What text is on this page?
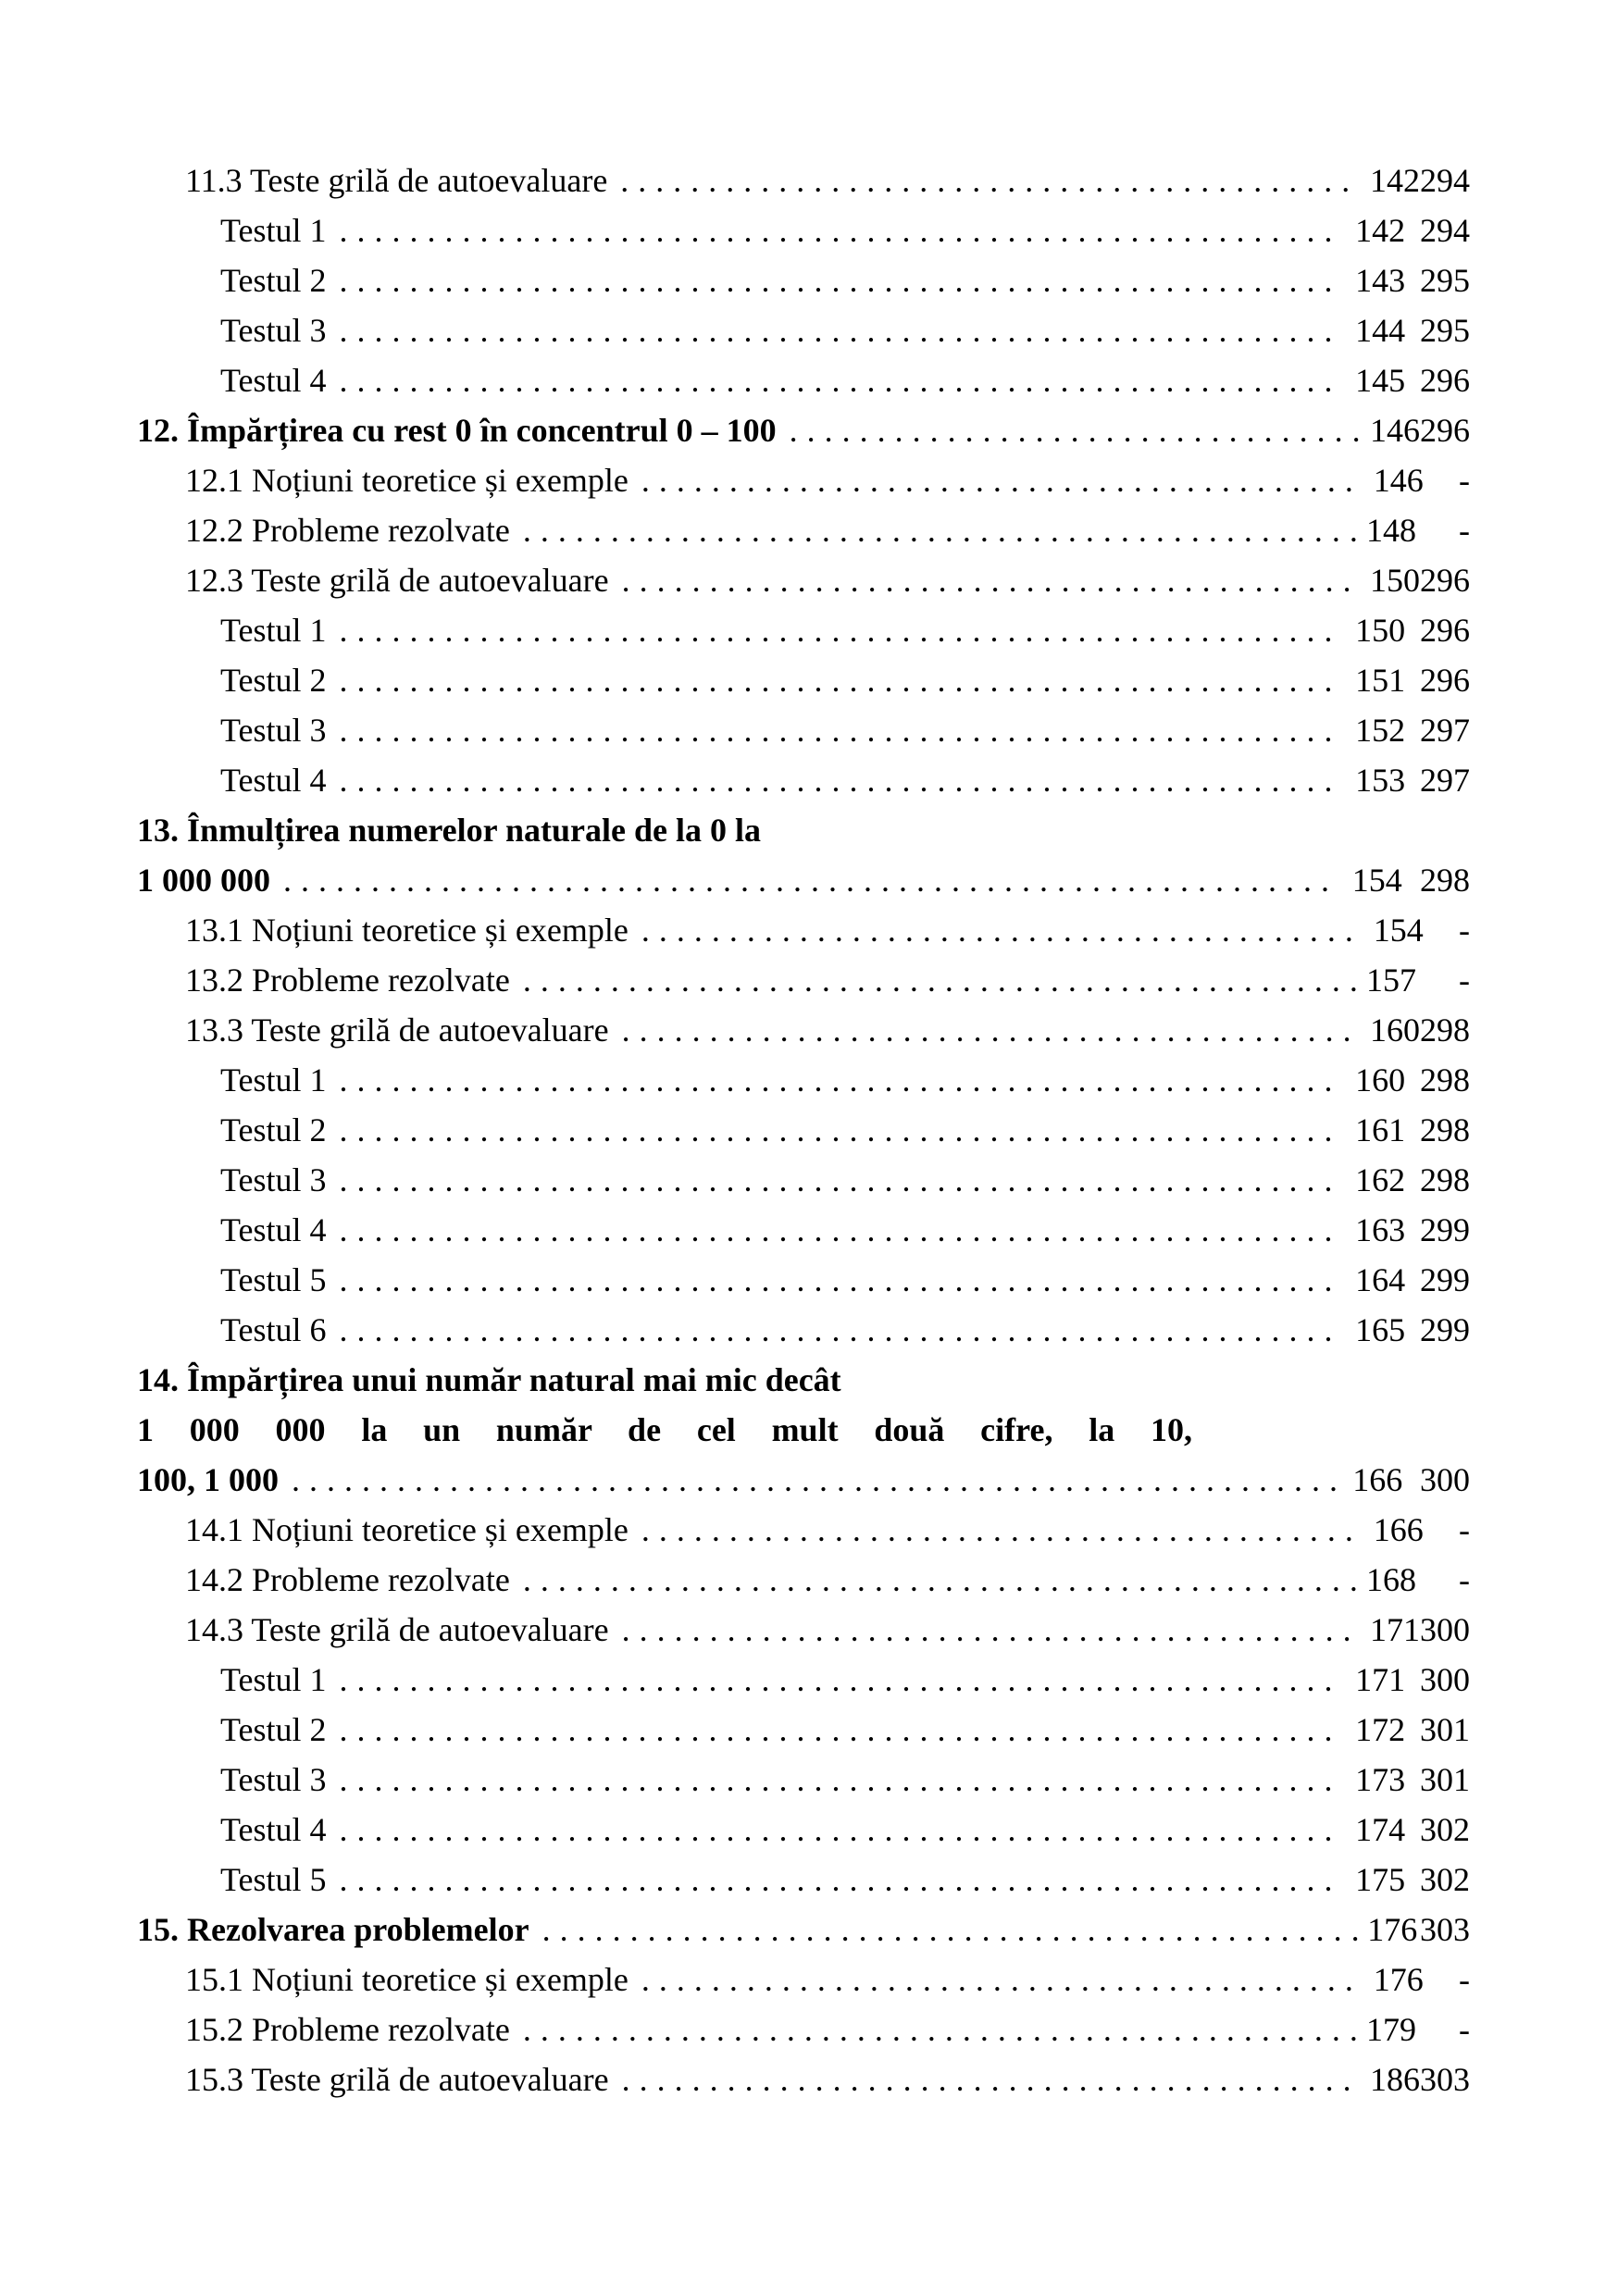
11.3 Teste grilă de autoevaluare . . .	142 294
Testul 1 . . .	142 294
Testul 2 . . .	143 295
Testul 3 . . .	144 295
Testul 4 . . .	145 296
12. Împărțirea cu rest 0 în concentrul 0 – 100 . . .	146 296
12.1 Noțiuni teoretice și exemple . . .	146	-
12.2 Probleme rezolvate . . .	148	-
12.3 Teste grilă de autoevaluare . . .	150 296
Testul 1 . . .	150 296
Testul 2 . . .	151 296
Testul 3 . . .	152 297
Testul 4 . . .	153 297
13. Înmulțirea numerelor naturale de la 0 la
1 000 000 . . .	154 298
13.1 Noțiuni teoretice și exemple . . .	154	-
13.2 Probleme rezolvate . . .	157	-
13.3 Teste grilă de autoevaluare . . .	160 298
Testul 1 . . .	160 298
Testul 2 . . .	161 298
Testul 3 . . .	162 298
Testul 4 . . .	163 299
Testul 5 . . .	164 299
Testul 6 . . .	165 299
14. Împărțirea unui număr natural mai mic decât
1 000 000 la un număr de cel mult două cifre, la 10,
100, 1 000 . . .	166 300
14.1 Noțiuni teoretice și exemple . . .	166	-
14.2 Probleme rezolvate . . .	168	-
14.3 Teste grilă de autoevaluare . . .	171 300
Testul 1 . . .	171 300
Testul 2 . . .	172 301
Testul 3 . . .	173 301
Testul 4 . . .	174 302
Testul 5 . . .	175 302
15. Rezolvarea problemelor . . .	176 303
15.1 Noțiuni teoretice și exemple . . .	176	-
15.2 Probleme rezolvate . . .	179	-
15.3 Teste grilă de autoevaluare . . .	186 303
